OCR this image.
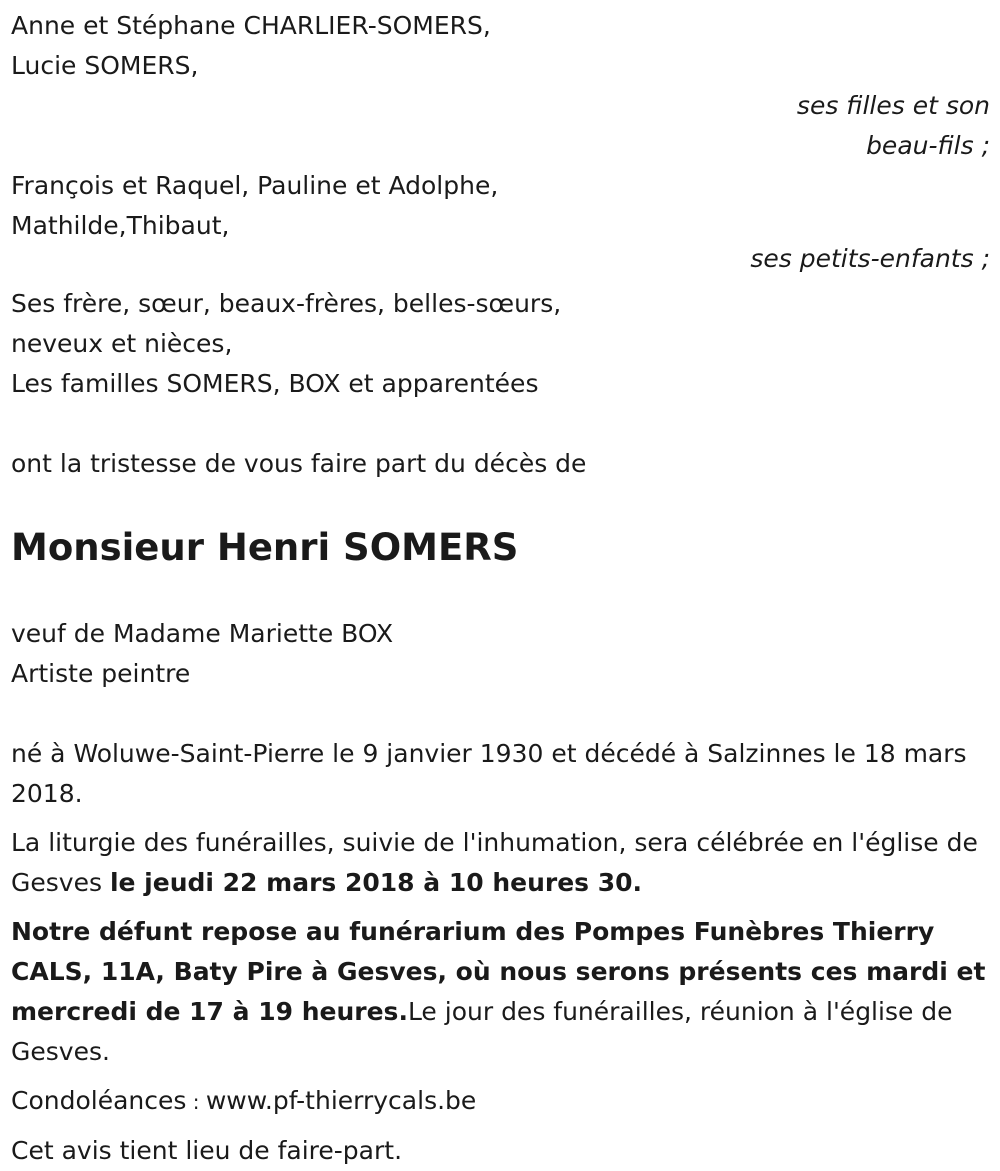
Anne et Stéphane CHARLIER-SOMERS,
Lucie SOMERS,
ses filles et son
beau-fils ;
François et Raquel, Pauline et Adolphe,
Mathilde,Thibaut,
ses petits-enfants ;
Ses frère, sœur, beaux-frères, belles-sœurs,
neveux et nièces,
Les familles SOMERS, BOX et apparentées
ont la tristesse de vous faire part du décès de
Monsieur Henri SOMERS
veuf de Madame Mariette BOX
Artiste peintre

né à Woluwe-Saint-Pierre le 9 janvier 1930 et décédé à Salzinnes le 18 mars 2018.

La liturgie des funérailles, suivie de l'inhumation, sera célébrée en l'église de Gesves le jeudi 22 mars 2018 à 10 heures 30.

Notre défunt repose au funérarium des Pompes Funèbres Thierry CALS, 11A, Baty Pire à Gesves, où nous serons présents ces mardi et mercredi de 17 à 19 heures.Le jour des funérailles, réunion à l'église de Gesves.

Condoléances : www.pf-thierrycals.be

Cet avis tient lieu de faire-part.
